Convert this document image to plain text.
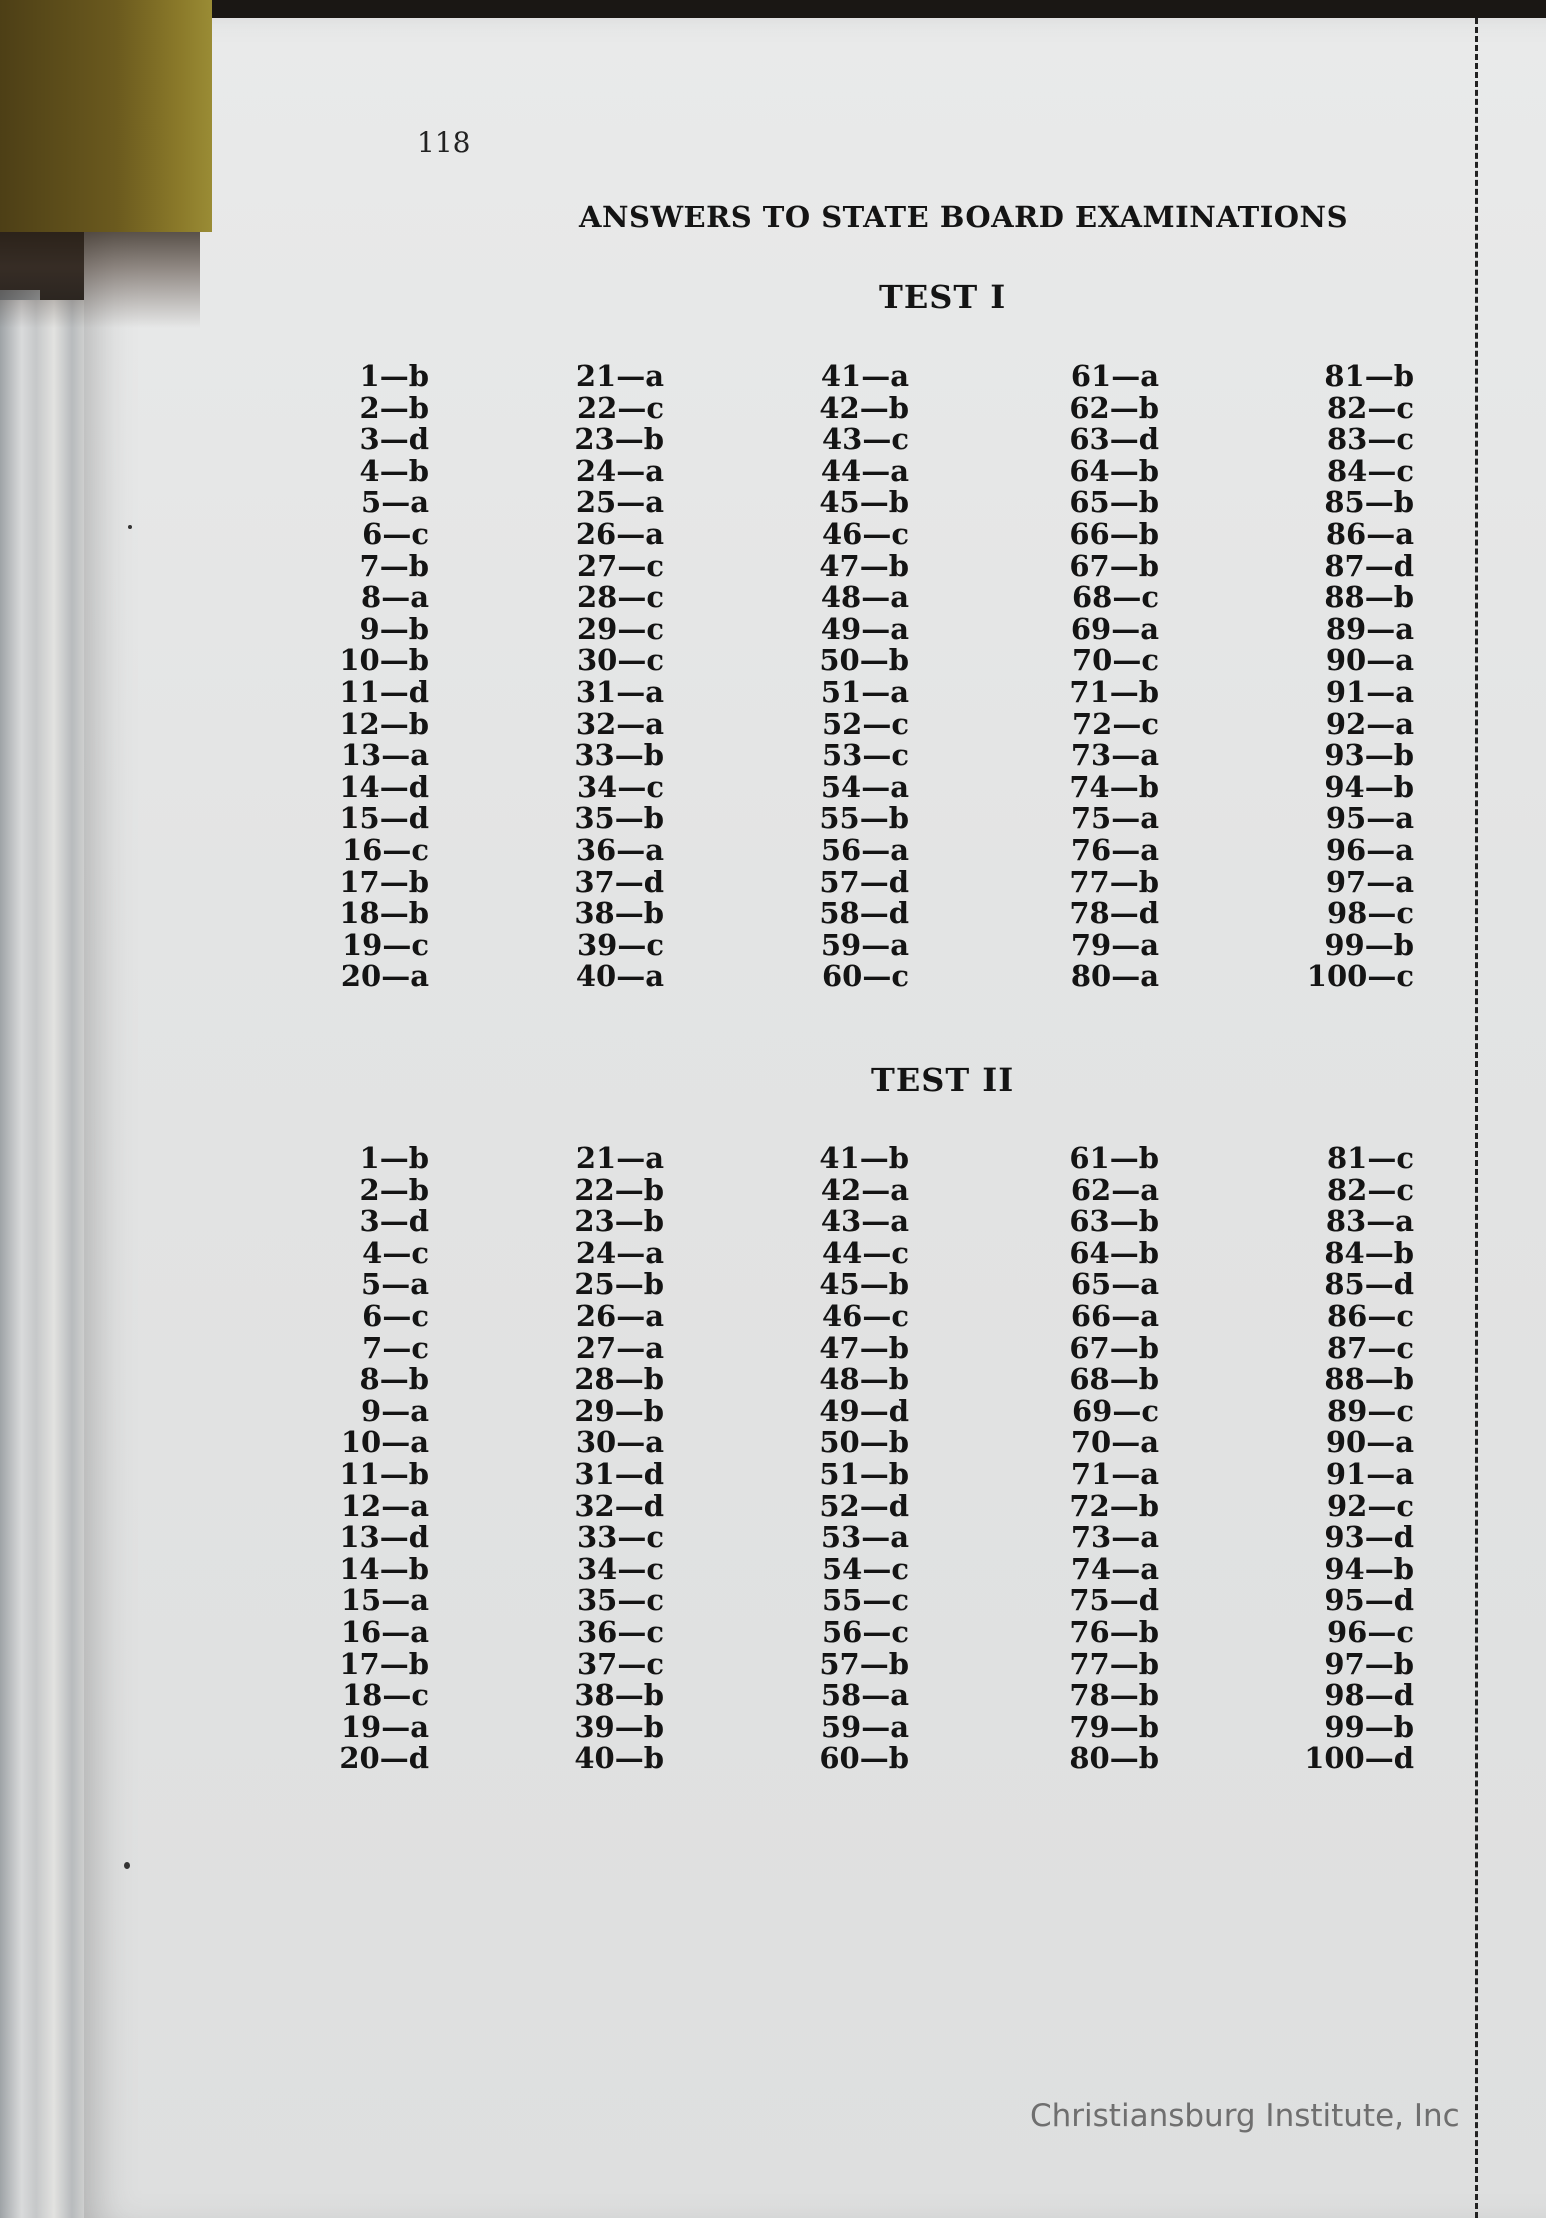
118
ANSWERS TO STATE BOARD EXAMINATIONS
TEST I
1—b
2—b
3—d
4—b
5—a
6—c
7—b
8—a
9—b
10—b
11—d
12—b
13—a
14—d
15—d
16—c
17—b
18—b
19—c
20—a
21—a
22—c
23—b
24—a
25—a
26—a
27—c
28—c
29—c
30—c
31—a
32—a
33—b
34—c
35—b
36—a
37—d
38—b
39—c
40—a
41—a
42—b
43—c
44—a
45—b
46—c
47—b
48—a
49—a
50—b
51—a
52—c
53—c
54—a
55—b
56—a
57—d
58—d
59—a
60—c
61—a
62—b
63—d
64—b
65—b
66—b
67—b
68—c
69—a
70—c
71—b
72—c
73—a
74—b
75—a
76—a
77—b
78—d
79—a
80—a
81—b
82—c
83—c
84—c
85—b
86—a
87—d
88—b
89—a
90—a
91—a
92—a
93—b
94—b
95—a
96—a
97—a
98—c
99—b
100—c
TEST II
1—b
2—b
3—d
4—c
5—a
6—c
7—c
8—b
9—a
10—a
11—b
12—a
13—d
14—b
15—a
16—a
17—b
18—c
19—a
20—d
21—a
22—b
23—b
24—a
25—b
26—a
27—a
28—b
29—b
30—a
31—d
32—d
33—c
34—c
35—c
36—c
37—c
38—b
39—b
40—b
41—b
42—a
43—a
44—c
45—b
46—c
47—b
48—b
49—d
50—b
51—b
52—d
53—a
54—c
55—c
56—c
57—b
58—a
59—a
60—b
61—b
62—a
63—b
64—b
65—a
66—a
67—b
68—b
69—c
70—a
71—a
72—b
73—a
74—a
75—d
76—b
77—b
78—b
79—b
80—b
81—c
82—c
83—a
84—b
85—d
86—c
87—c
88—b
89—c
90—a
91—a
92—c
93—d
94—b
95—d
96—c
97—b
98—d
99—b
100—d
Christiansburg Institute, Inc
